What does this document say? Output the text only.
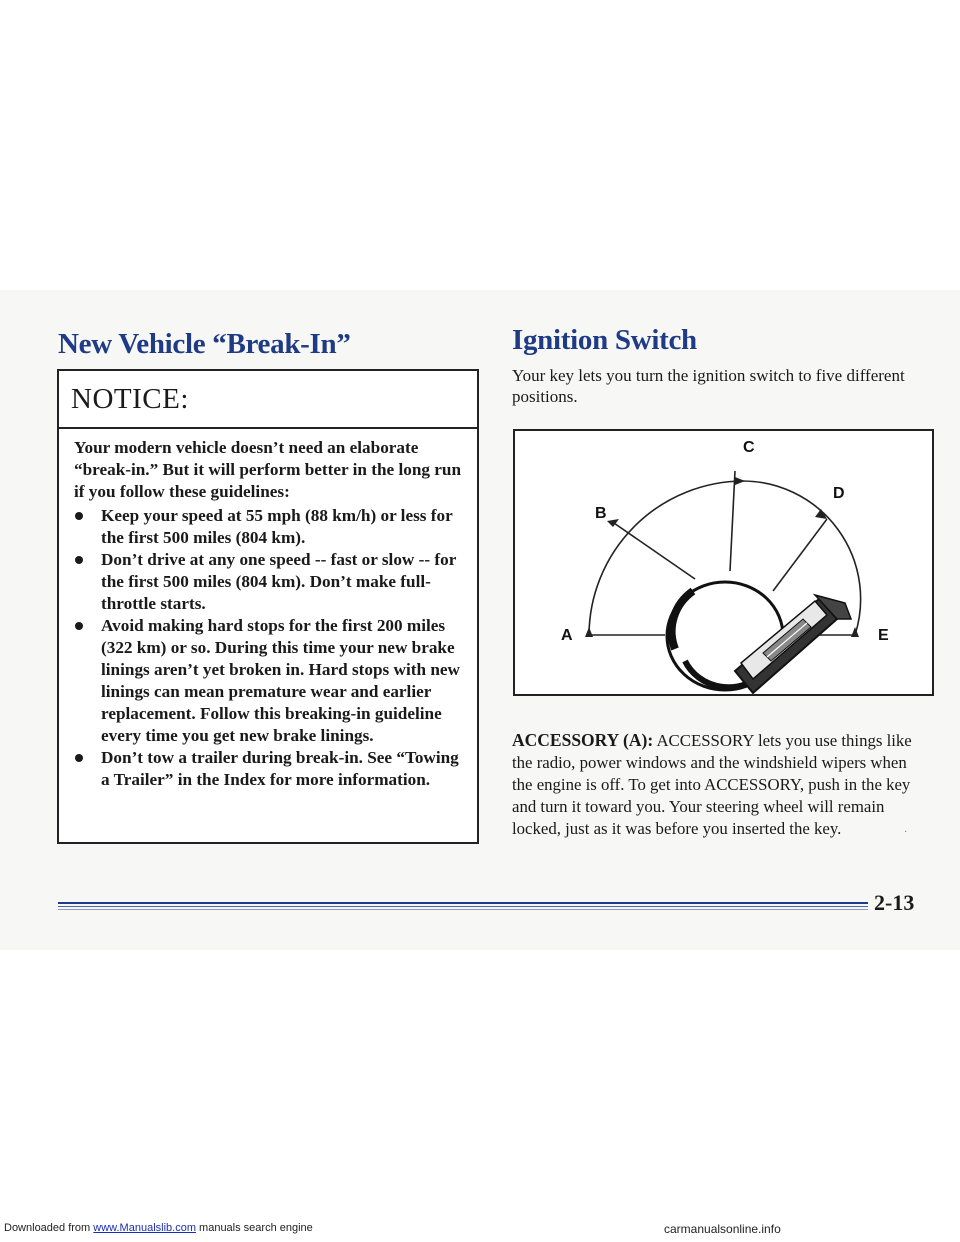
New Vehicle “Break-In”
NOTICE:

Your modern vehicle doesn’t need an elaborate “break-in.” But it will perform better in the long run if you follow these guidelines:

Keep your speed at 55 mph (88 km/h) or less for the first 500 miles (804 km).
Don’t drive at any one speed -- fast or slow -- for the first 500 miles (804 km). Don’t make full-throttle starts.
Avoid making hard stops for the first 200 miles (322 km) or so. During this time your new brake linings aren’t yet broken in. Hard stops with new linings can mean premature wear and earlier replacement. Follow this breaking-in guideline every time you get new brake linings.
Don’t tow a trailer during break-in. See “Towing a Trailer” in the Index for more information.
Ignition Switch
Your key lets you turn the ignition switch to five different positions.
C
B
D
A	E
ACCESSORY (A): ACCESSORY lets you use things like the radio, power windows and the windshield wipers when the engine is off. To get into ACCESSORY, push in the key and turn it toward you. Your steering wheel will remain locked, just as it was before you inserted the key.	·
2-13
Downloaded from www.Manualslib.com manuals search engine	carmanualsonline.info
